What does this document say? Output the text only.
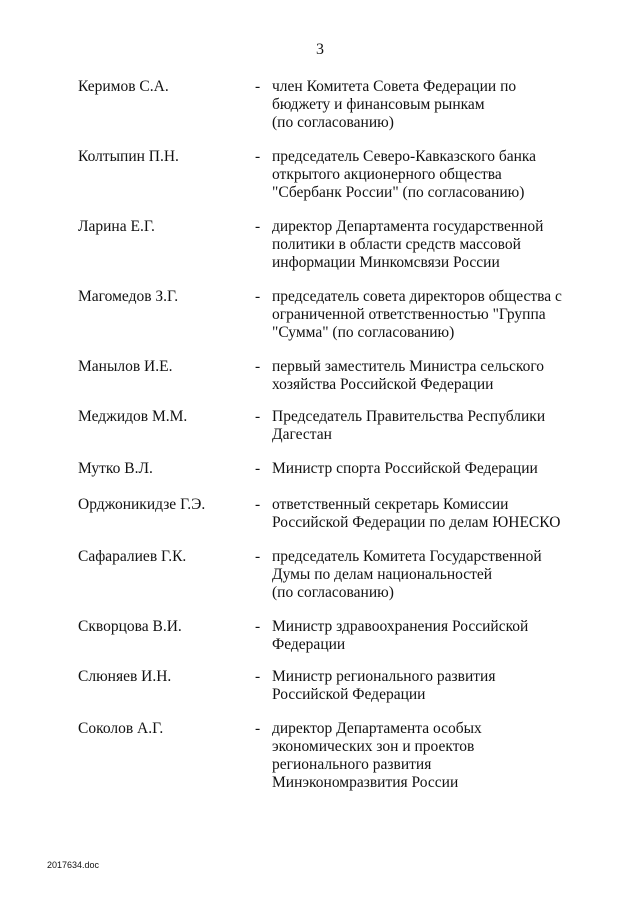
3
Керимов С.А.	- член Комитета Совета Федерации по
бюджету и финансовым рынкам
(по согласованию)
Колтыпин П.Н.	- председатель Северо-Кавказского банка
открытого акционерного общества
"Сбербанк России" (по согласованию)
Ларина Е.Г.	- директор Департамента государственной
политики в области средств массовой
информации Минкомсвязи России
Магомедов З.Г.	- председатель совета директоров общества с
ограниченной ответственностью "Группа
"Сумма" (по согласованию)
Манылов И.Е.	- первый заместитель Министра сельского
хозяйства Российской Федерации
Меджидов М.М.	- Председатель Правительства Республики
Дагестан
Мутко В.Л.	- Министр спорта Российской Федерации
Орджоникидзе Г.Э.	- ответственный секретарь Комиссии
Российской Федерации по делам ЮНЕСКО
Сафаралиев Г.К.	- председатель Комитета Государственной
Думы по делам национальностей
(по согласованию)
Скворцова В.И.	- Министр здравоохранения Российской
Федерации
Слюняев И.Н.	- Министр регионального развития
Российской Федерации
Соколов А.Г.	- директор Департамента особых
экономических зон и проектов
регионального развития
Минэкономразвития России
2017634.doc
